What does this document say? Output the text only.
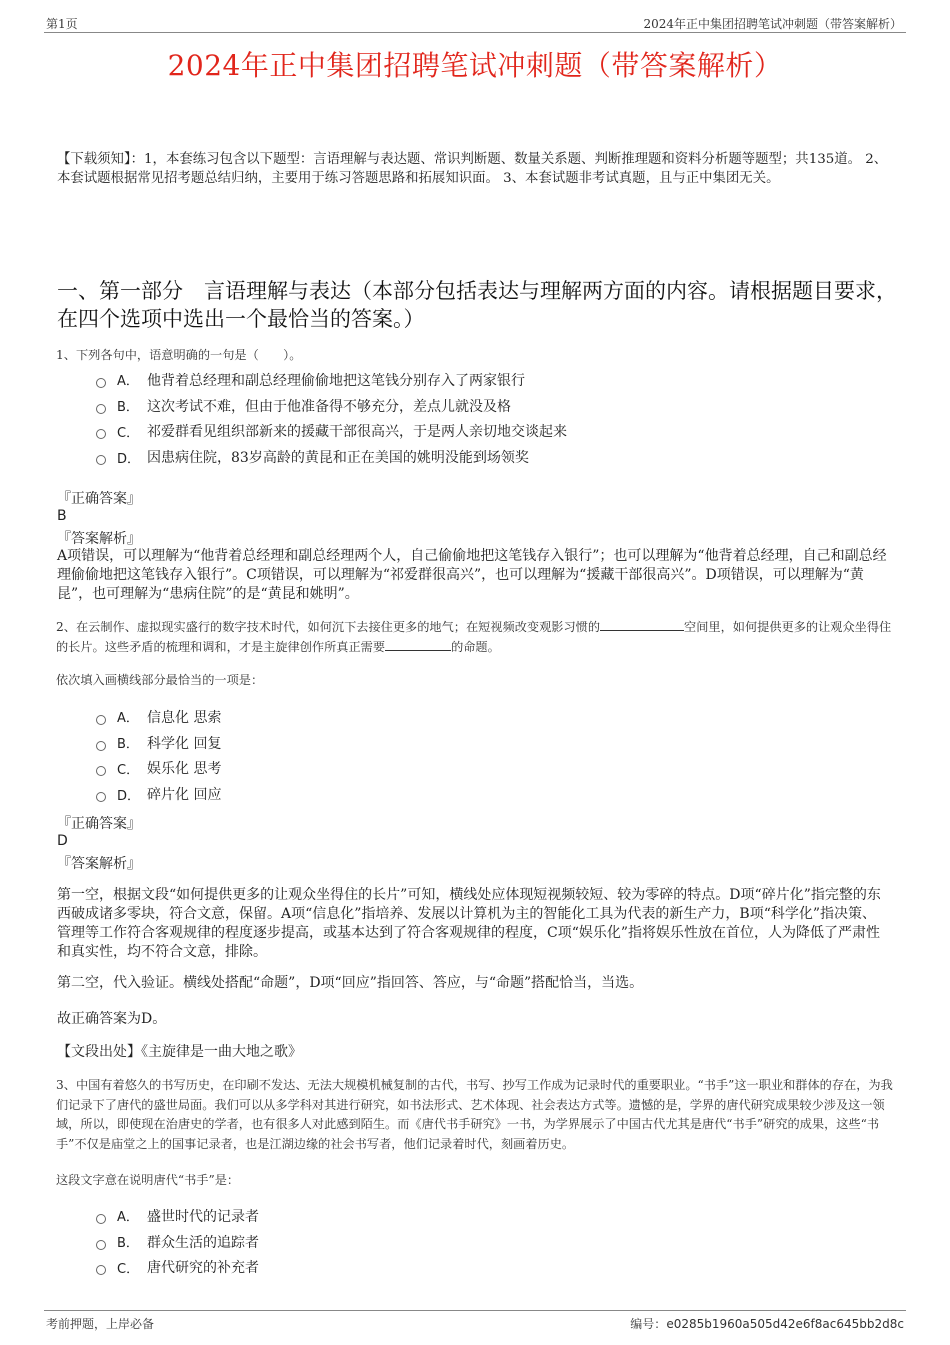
第1页	2024年正中集团招聘笔试冲刺题（带答案解析）
2024年正中集团招聘笔试冲刺题（带答案解析）
【下载须知】：1，本套练习包含以下题型：言语理解与表达题、常识判断题、数量关系题、判断推理题和资料分析题等题型；共135道。 2、本套试题根据常见招考题总结归纳，主要用于练习答题思路和拓展知识面。 3、本套试题非考试真题，且与正中集团无关。
一、第一部分　言语理解与表达（本部分包括表达与理解两方面的内容。请根据题目要求，在四个选项中选出一个最恰当的答案。）
1、下列各句中，语意明确的一句是（　　）。
A． 他背着总经理和副总经理偷偷地把这笔钱分别存入了两家银行
B． 这次考试不难，但由于他准备得不够充分，差点儿就没及格
C． 祁爱群看见组织部新来的援藏干部很高兴，于是两人亲切地交谈起来
D． 因患病住院，83岁高龄的黄昆和正在美国的姚明没能到场领奖
『正确答案』
B
『答案解析』
A项错误，可以理解为“他背着总经理和副总经理两个人，自己偷偷地把这笔钱存入银行”；也可以理解为“他背着总经理，自己和副总经理偷偷地把这笔钱存入银行”。C项错误，可以理解为“祁爱群很高兴”，也可以理解为“援藏干部很高兴”。D项错误，可以理解为“黄昆”，也可理解为“患病住院”的是“黄昆和姚明”。
2、在云制作、虚拟现实盛行的数字技术时代，如何沉下去接住更多的地气；在短视频改变观影习惯的	空间里，如何提供更多的让观众坐得住的长片。这些矛盾的梳理和调和，才是主旋律创作所真正需要	的命题。
依次填入画横线部分最恰当的一项是：
A． 信息化 思索
B． 科学化 回复
C． 娱乐化 思考
D． 碎片化 回应
『正确答案』
D
『答案解析』
第一空，根据文段“如何提供更多的让观众坐得住的长片”可知，横线处应体现短视频较短、较为零碎的特点。D项“碎片化”指完整的东西破成诸多零块，符合文意，保留。A项“信息化”指培养、发展以计算机为主的智能化工具为代表的新生产力，B项“科学化”指决策、管理等工作符合客观规律的程度逐步提高，或基本达到了符合客观规律的程度，C项“娱乐化”指将娱乐性放在首位，人为降低了严肃性和真实性，均不符合文意，排除。
第二空，代入验证。横线处搭配“命题”，D项“回应”指回答、答应，与“命题”搭配恰当，当选。
故正确答案为D。
【文段出处】《主旋律是一曲大地之歌》
3、中国有着悠久的书写历史，在印刷不发达、无法大规模机械复制的古代，书写、抄写工作成为记录时代的重要职业。“书手”这一职业和群体的存在，为我们记录下了唐代的盛世局面。我们可以从多学科对其进行研究，如书法形式、艺术体现、社会表达方式等。遗憾的是，学界的唐代研究成果较少涉及这一领域，所以，即使现在治唐史的学者，也有很多人对此感到陌生。而《唐代书手研究》一书，为学界展示了中国古代尤其是唐代“书手”研究的成果，这些“书手”不仅是庙堂之上的国事记录者，也是江湖边缘的社会书写者，他们记录着时代，刻画着历史。
这段文字意在说明唐代“书手”是：
A． 盛世时代的记录者
B． 群众生活的追踪者
C． 唐代研究的补充者
考前押题，上岸必备	编号：e0285b1960a505d42e6f8ac645bb2d8c
